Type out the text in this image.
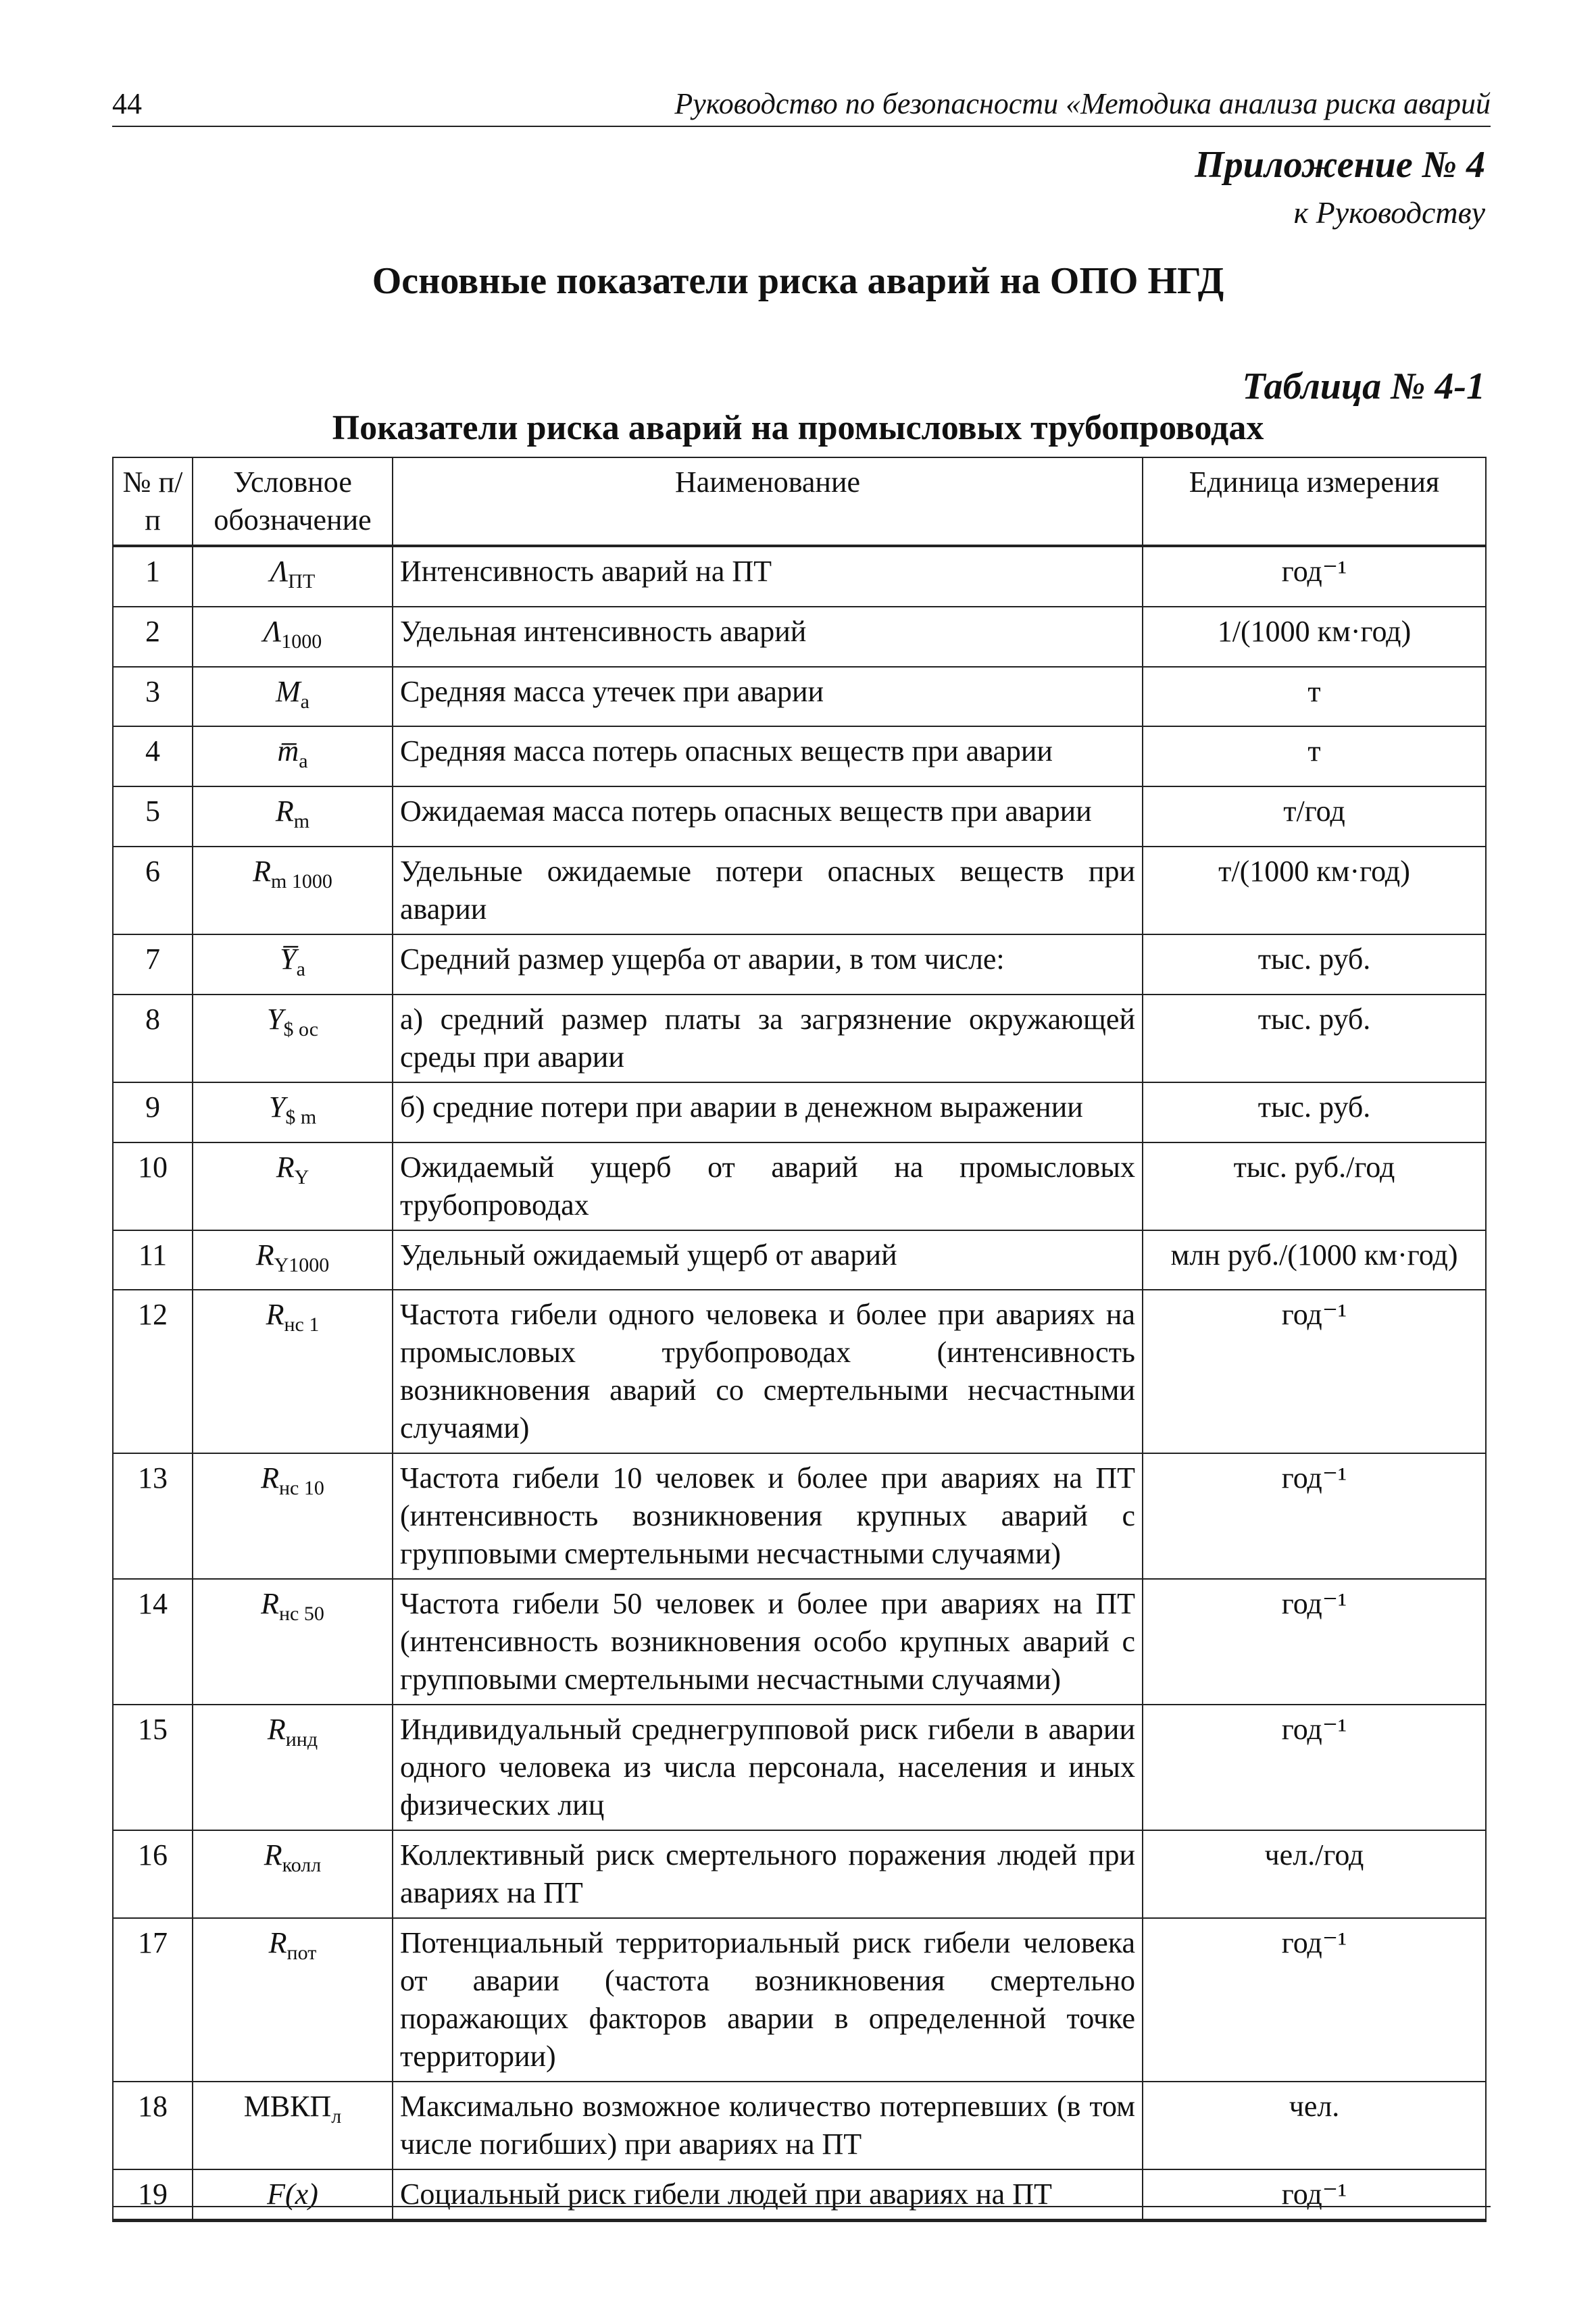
44	Руководство по безопасности «Методика анализа риска аварий
Приложение № 4
к Руководству
Основные показатели риска аварий на ОПО НГД
Таблица № 4-1
Показатели риска аварий на промысловых трубопроводах
№ п/п	Условное обозначение	Наименование	Единица измерения
1	$\Lambda_{ПТ}$	Интенсивность аварий на ПТ	год⁻¹
2	$\Lambda_{1000}$	Удельная интенсивность аварий	1/(1000 км·год)
3	$M_а$	Средняя масса утечек при аварии	т
4	$m̅_а$	Средняя масса потерь опасных веществ при аварии	т
5	$R_m$	Ожидаемая масса потерь опасных веществ при аварии	т/год
6	$R_{m 1000}$	Удельные ожидаемые потери опасных веществ при аварии	т/(1000 км·год)
7	$Y̅_а$	Средний размер ущерба от аварии, в том числе:	тыс. руб.
8	$Y_{\$ ос}$	а) средний размер платы за загрязнение окружающей среды при аварии	тыс. руб.
9	$Y_{\$ m}$	б) средние потери при аварии в денежном выражении	тыс. руб.
10	$R_Y$	Ожидаемый ущерб от аварий на промысловых трубопроводах	тыс. руб./год
11	$R_{Y1000}$	Удельный ожидаемый ущерб от аварий	млн руб./(1000 км·год)
12	$R_{нс 1}$	Частота гибели одного человека и более при авариях на промысловых трубопроводах (интенсивность возникновения аварий со смертельными несчастными случаями)	год⁻¹
13	$R_{нс 10}$	Частота гибели 10 человек и более при авариях на ПТ (интенсивность возникновения крупных аварий с групповыми смертельными несчастными случаями)	год⁻¹
14	$R_{нс 50}$	Частота гибели 50 человек и более при авариях на ПТ (интенсивность возникновения особо крупных аварий с групповыми смертельными несчастными случаями)	год⁻¹
15	$R_{инд}$	Индивидуальный среднегрупповой риск гибели в аварии одного человека из числа персонала, населения и иных физических лиц	год⁻¹
16	$R_{колл}$	Коллективный риск смертельного поражения людей при авариях на ПТ	чел./год
17	$R_{пот}$	Потенциальный территориальный риск гибели человека от аварии (частота возникновения смертельно поражающих факторов аварии в определенной точке территории)	год⁻¹
18	$МВКП_л$	Максимально возможное количество потерпевших (в том числе погибших) при авариях на ПТ	чел.
19	F(x)	Социальный риск гибели людей при авариях на ПТ	год⁻¹
